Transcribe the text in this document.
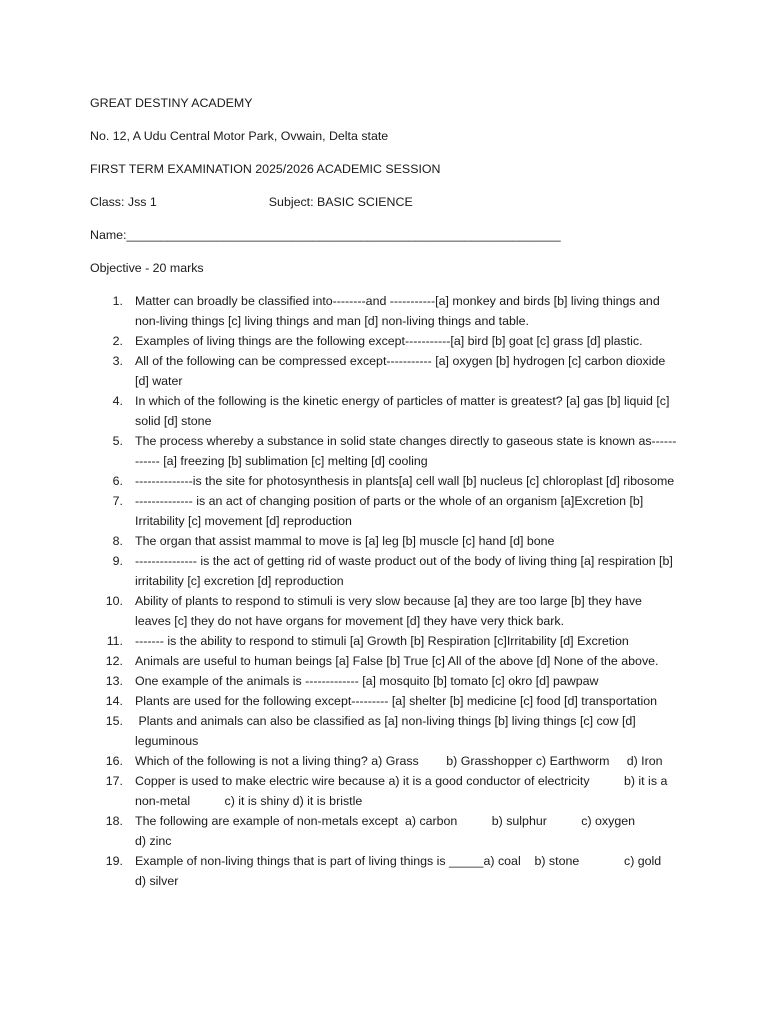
GREAT DESTINY ACADEMY

No. 12, A Udu Central Motor Park, Ovwain, Delta state

FIRST TERM EXAMINATION 2025/2026 ACADEMIC SESSION

Class: Jss 1	Subject: BASIC SCIENCE

Name:_______________________________________________________________

Objective - 20 marks

1. Matter can broadly be classified into--------and -----------[a] monkey and birds [b] living things and non-living things [c] living things and man [d] non-living things and table.
2. Examples of living things are the following except-----------[a] bird [b] goat [c] grass [d] plastic.
3. All of the following can be compressed except----------- [a] oxygen [b] hydrogen [c] carbon dioxide [d] water
4. In which of the following is the kinetic energy of particles of matter is greatest? [a] gas [b] liquid [c] solid [d] stone
5. The process whereby a substance in solid state changes directly to gaseous state is known as------------ [a] freezing [b] sublimation [c] melting [d] cooling
6. --------------is the site for photosynthesis in plants[a] cell wall [b] nucleus [c] chloroplast [d] ribosome
7. -------------- is an act of changing position of parts or the whole of an organism [a]Excretion [b] Irritability [c] movement [d] reproduction
8. The organ that assist mammal to move is [a] leg [b] muscle [c] hand [d] bone
9. --------------- is the act of getting rid of waste product out of the body of living thing [a] respiration [b] irritability [c] excretion [d] reproduction
10. Ability of plants to respond to stimuli is very slow because [a] they are too large [b] they have leaves [c] they do not have organs for movement [d] they have very thick bark.
11. ------- is the ability to respond to stimuli [a] Growth [b] Respiration [c]Irritability [d] Excretion
12. Animals are useful to human beings [a] False [b] True [c] All of the above [d] None of the above.
13. One example of the animals is ------------- [a] mosquito [b] tomato [c] okro [d] pawpaw
14. Plants are used for the following except--------- [a] shelter [b] medicine [c] food [d] transportation
15. Plants and animals can also be classified as [a] non-living things [b] living things [c] cow [d] leguminous
16. Which of the following is not a living thing? a) Grass        b) Grasshopper c) Earthworm     d) Iron
17. Copper is used to make electric wire because a) it is a good conductor of electricity          b) it is a non-metal          c) it is shiny d) it is bristle
18. The following are example of non-metals except  a) carbon          b) sulphur          c) oxygen               d) zinc
19. Example of non-living things that is part of living things is _____a) coal    b) stone             c) gold               d) silver
